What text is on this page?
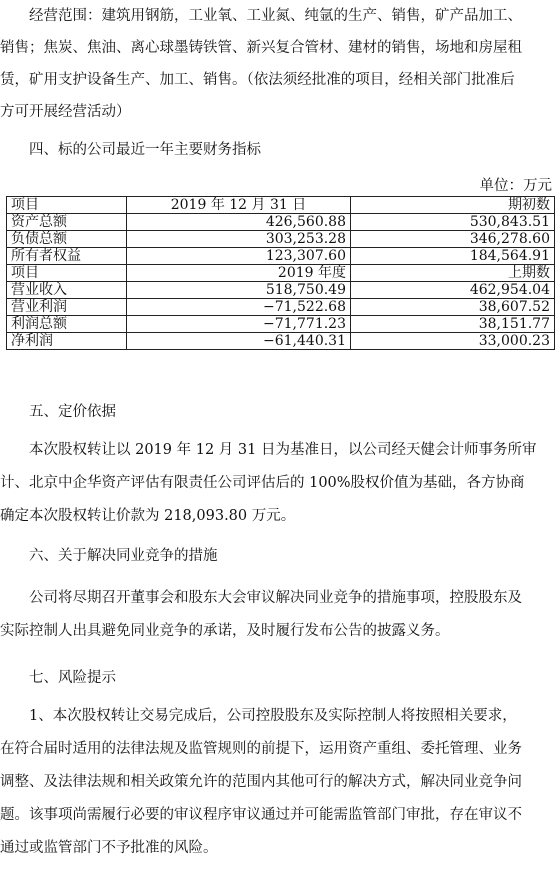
　　经营范围：建筑用钢筋，工业氧、工业氮、纯氩的生产、销售，矿产品加工、
销售；焦炭、焦油、离心球墨铸铁管、新兴复合管材、建材的销售，场地和房屋租
赁，矿用支护设备生产、加工、销售。（依法须经批准的项目，经相关部门批准后
方可开展经营活动）
　　四、标的公司最近一年主要财务指标
单位：万元
项目	2019 年 12 月 31 日	期初数
资产总额	426,560.88	530,843.51
负债总额	303,253.28	346,278.60
所有者权益	123,307.60	184,564.91
项目	2019 年度	上期数
营业收入	518,750.49	462,954.04
营业利润	−71,522.68	38,607.52
利润总额	−71,771.23	38,151.77
净利润	−61,440.31	33,000.23
　　五、定价依据
　　本次股权转让以 2019 年 12 月 31 日为基准日，以公司经天健会计师事务所审
计、北京中企华资产评估有限责任公司评估后的 100%股权价值为基础，各方协商
确定本次股权转让价款为 218,093.80 万元。
　　六、关于解决同业竞争的措施
　　公司将尽期召开董事会和股东大会审议解决同业竞争的措施事项，控股股东及
实际控制人出具避免同业竞争的承诺，及时履行发布公告的披露义务。
　　七、风险提示
　　1、本次股权转让交易完成后，公司控股股东及实际控制人将按照相关要求，
在符合届时适用的法律法规及监管规则的前提下，运用资产重组、委托管理、业务
调整、及法律法规和相关政策允许的范围内其他可行的解决方式，解决同业竞争问
题。该事项尚需履行必要的审议程序审议通过并可能需监管部门审批，存在审议不
通过或监管部门不予批准的风险。
